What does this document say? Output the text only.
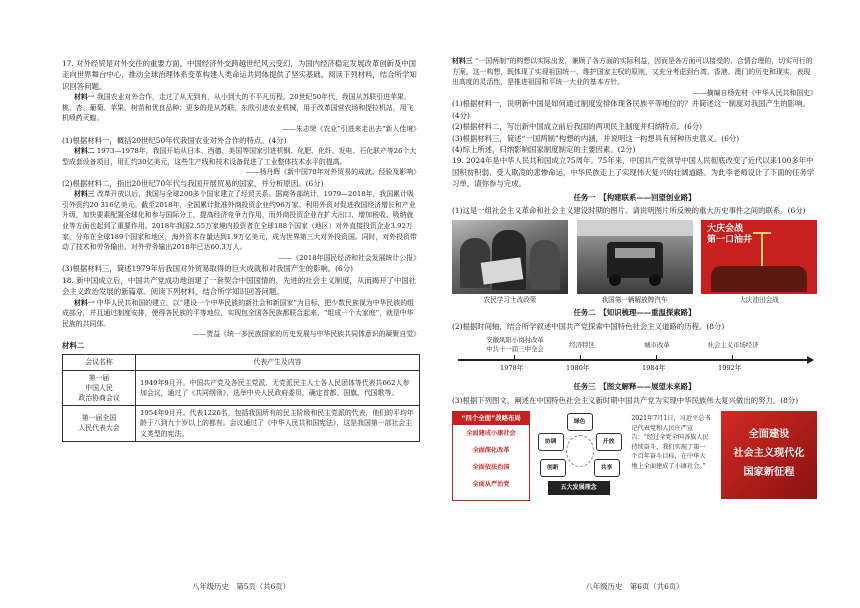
17. 对外经贸是对外交往的重要方面。中国经济外交跨越世纪风云变幻，为国内经济稳定发展改革创新及中国走向世界舞台中心，推动全球治理体系变革构建人类命运共同体提供了坚实基础。阅读下列材料，结合所学知识回答问题。

材料一 我国农业对外合作，走过了从无到有，从小到大的不平凡历程。20世纪50年代，我国从苏联引进苹果、桃、杏、葡萄、苹果、树苗和优良品种；更多的是从苏联、东欧引进农业机械，用于改革国营农场和提拉机站，用飞机喷药灭蝗。

——朱志荣《农业“引进来走出去”新入佳境》

(1)根据材料一，概括20世纪50年代我国农业对外合作的特点。(4分)

材料二 1973—1978年，我国开始从日本、西德、美国等国家引进机钢、化肥、化纤、发电、石化联产等26个大型成套设备项目，用汇约30亿美元，这些生产线和技术设备促进了工业整体技术水平的提高。

——杨丹辉《新中国70年对外贸易的成就、经验及影响》

(2)根据材料二，指出20世纪70年代与我国开展贸易的国家，并分析原因。(6分)

材料三 改革开放以后，我国与全球200多个国家建立了经贸关系。据商务部统计，1979—2018年，我国累计吸引外资约20 316亿美元。截至2018年，全国累计批准外商投资企业约96万家。利用外资对促进我国经济增长和产业升级，加快要素配置全球化和参与国际分工，提高经济竞争力作用，而外商投资企业在扩大出口、增加税收、吸纳就业等方面也起到了重要作用。2018年我国2.55万家境内投资者在全球188个国家（地区）对外直接投资企业3.92万家，分布在全球189个国家和地区，海外资本存量达到1.9万亿美元，成为世界第三大对外投资国。同时，对外投资带动了技术和劳务输出，对外劳务输出2018年已达60.3万人。

——《2018年国民经济和社会发展统计公报》

(3)根据材料三，简述1979年后我国对外贸易取得的巨大成就和对我国产生的影响。(6分)

18. 新中国成立后，中国共产党成功地创建了一套契合中国国情的、先进的社会主义制度，从而揭开了中国社会主义政治发展的新篇章。阅读下列材料，结合所学知识回答问题。

材料一 中华人民共和国的建立，以“建设一个中华民族的新社会和新国家”为目标，把少数民族视为中华民族的组成部分，并且通过制度安排，使得各民族的平等地位，实现包全国各民族都联合起来，“组成一个大家庭”，就是中华民族的共同体。

——贾益《统一多民族国家的历史发展与中华民族共同体意识的凝聚自觉》

材料二

会议名称	代表产生及内容
第一届
中国人民
政治协商会议	1949年9月开。中国共产党及各民主党派、无党派民主人士各人民团体等代表共662人参加会议，通过了《共同纲领》，选举中央人民政府委员，确定首都、国旗、代国歌等。
第一届全国
人民代表大会	1954年9月开。代表1226名，包括我国所有的民主阶级和民主党派的代表，他们的平均年龄于八到九十岁以上的都有。会议通过了《中华人民共和国宪法》，这是我国第一部社会主义类型的宪法。
八年级历史　第5页（共6页）

材料三 “一国两制”的构想以实际出发，兼顾了各方面的实际利益，因而是各方面可以接受的、合情合理的，切实可行的方案。这一构想，既体现了实现祖国统一、维护国家主权的原则，又充分考虑到台湾、香港、澳门的历史和现实，表现出高度的灵活性，是推进祖国和平统一大业的基本方针。

——摘编自杨先材《中华人民共和国史》

(1)根据材料一，说明新中国是如何通过制度安排体现各民族平等地位的？并简述这一制度对我国产生的影响。(4分)

(2)根据材料二，写出新中国成立前后我国的两项民主制度并归纳特点。(6分)

(3)根据材料三，简述“一国两制”构想的内涵，并说明这一构想具有何种历史意义。(6分)

(4)综上所述，归纳影响国家制度制定的主要因素。(2分)

19. 2024年是中华人民共和国成立75周年。75年来，中国共产党领导中国人民彻底改变了近代以来100多年中国积贫积弱、受人欺凌的悲惨命运，中华民族走上了实现伟大复兴的壮阔道路。为此李老师设计了下面的任务学习单，请你参与完成。

任务一　【构建联系——回望创业路】

(1)这是一组社会主义革命和社会主义建设时期的图片。请说明图片所反映的重大历史事件之间的联系。(6分)

农民学习土改政策	我国第一辆解放牌汽车
大庆会战
第一口油井
大庆油田会战

任务二　【知识梳理——重温探索路】

(2)根据时间轴，结合所学叙述中国共产党探索中国特色社会主义道路的历程。(8分)

安徽凤阳小岗村改革
中共十一届三中全会	经济特区	城市改革	社会主义市场经济
1978年	1980年	1984年	1992年

任务三　【图文解释——展望未来路】

(3)根据下列图文，阐述在中国特色社会主义新时期中国共产党为实现中华民族伟大复兴做出的努力。(8分)

“四个全面”战略布局
全面建成小康社会
全面深化改革
全面依法治国
全面从严治党
绿色
协调	开放
创新	共享
五大发展理念
2021年7月1日，习近平总书记代表党和人民庄严宣告：“经过全党全国各族人民持续奋斗，我们实现了第一个百年奋斗目标，在中华大地上全面建成了小康社会。”
全面建设
社会主义现代化
国家新征程
八年级历史　第6页（共6页）
